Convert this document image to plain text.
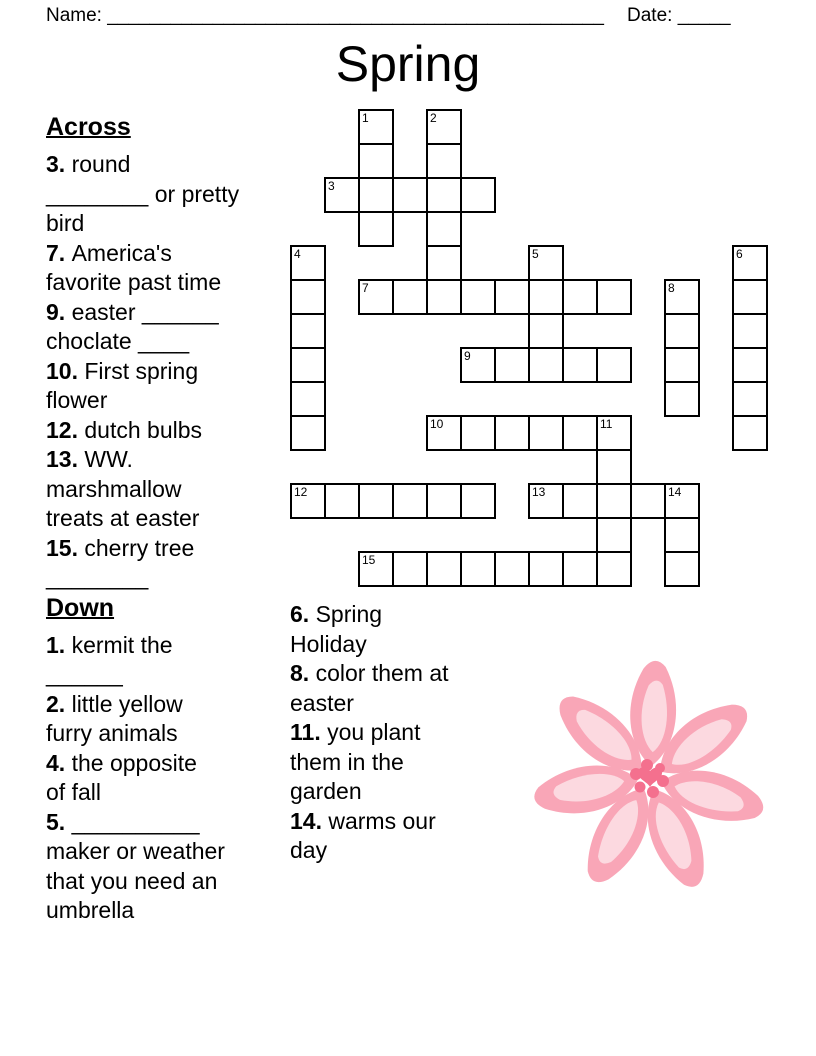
Name: _______________________________________________ Date: _____
Spring
1	2
3
4	5	6
7	8
9
10	11
12	13	14
15
Across

3. round
________ or pretty
bird

7. America's
favorite past time

9. easter ______
choclate ____

10. First spring
flower

12. dutch bulbs

13. WW.
marshmallow
treats at easter

15. cherry tree
________

Down

1. kermit the
______

2. little yellow
furry animals

4. the opposite
of fall

5. __________
maker or weather
that you need an
umbrella

6. Spring
Holiday

8. color them at
easter

11. you plant
them in the
garden

14. warms our
day
